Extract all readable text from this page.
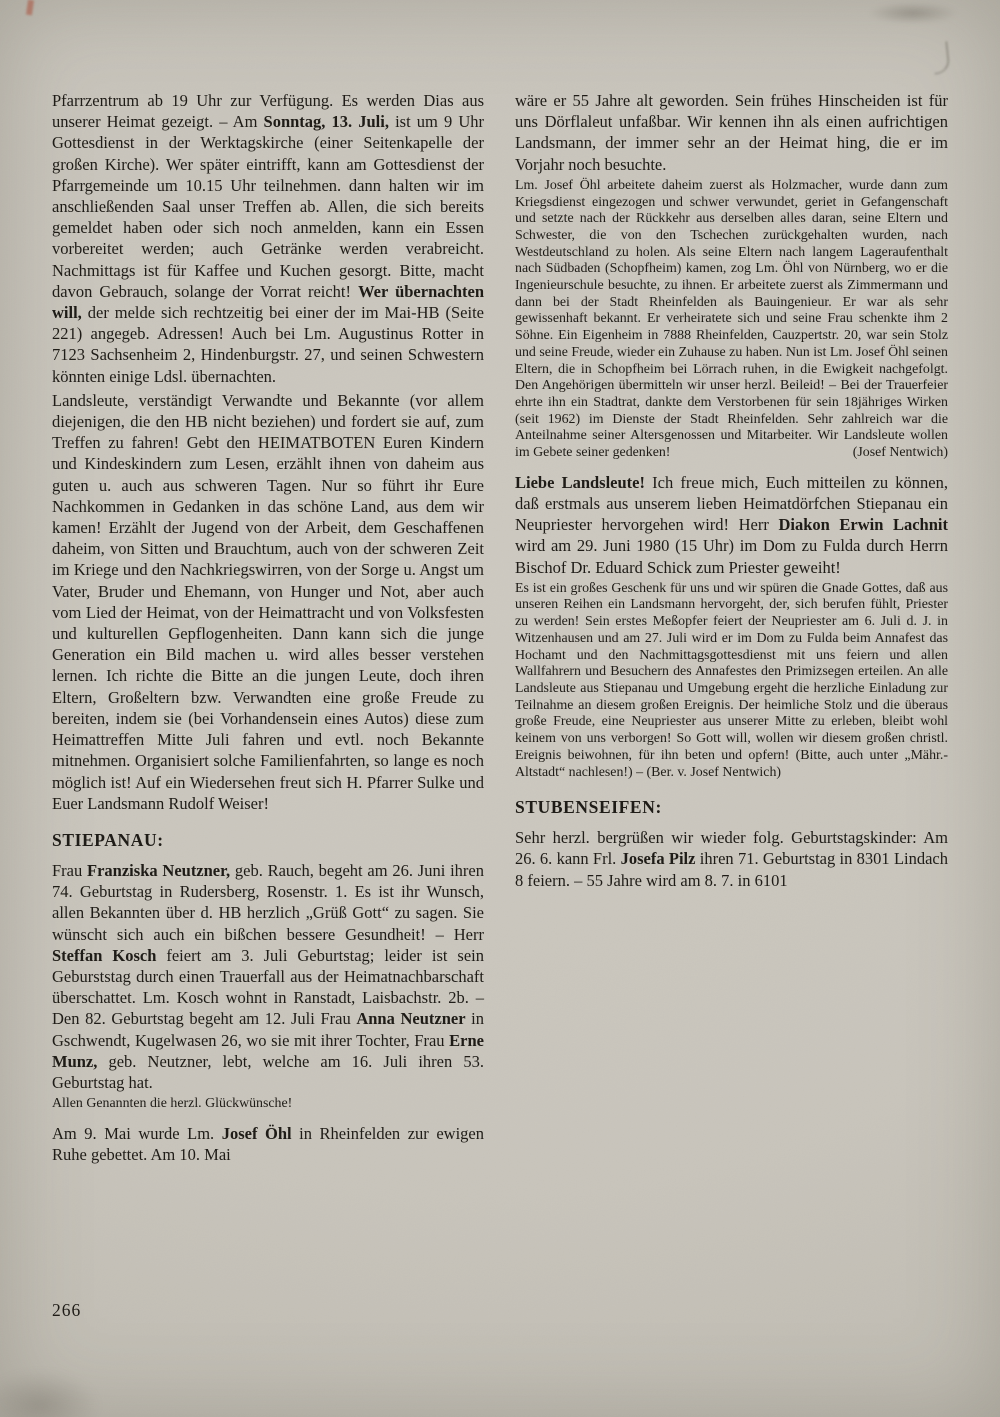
Pfarrzentrum ab 19 Uhr zur Verfügung. Es werden Dias aus unserer Heimat gezeigt. – Am Sonntag, 13. Juli, ist um 9 Uhr Gottesdienst in der Werktagskirche (einer Seitenkapelle der großen Kirche). Wer später eintrifft, kann am Gottesdienst der Pfarrgemeinde um 10.15 Uhr teilnehmen. dann halten wir im anschließenden Saal unser Treffen ab. Allen, die sich bereits gemeldet haben oder sich noch anmelden, kann ein Essen vorbereitet werden; auch Getränke werden verabreicht. Nachmittags ist für Kaffee und Kuchen gesorgt. Bitte, macht davon Gebrauch, solange der Vorrat reicht! Wer übernachten will, der melde sich rechtzeitig bei einer der im Mai-HB (Seite 221) angegeb. Adressen! Auch bei Lm. Augustinus Rotter in 7123 Sachsenheim 2, Hindenburgstr. 27, und seinen Schwestern könnten einige Ldsl. übernachten.

Landsleute, verständigt Verwandte und Bekannte (vor allem diejenigen, die den HB nicht beziehen) und fordert sie auf, zum Treffen zu fahren! Gebt den HEIMATBOTEN Euren Kindern und Kindeskindern zum Lesen, erzählt ihnen von daheim aus guten u. auch aus schweren Tagen. Nur so führt ihr Eure Nachkommen in Gedanken in das schöne Land, aus dem wir kamen! Erzählt der Jugend von der Arbeit, dem Geschaffenen daheim, von Sitten und Brauchtum, auch von der schweren Zeit im Kriege und den Nachkriegswirren, von der Sorge u. Angst um Vater, Bruder und Ehemann, von Hunger und Not, aber auch vom Lied der Heimat, von der Heimattracht und von Volksfesten und kulturellen Gepflogenheiten. Dann kann sich die junge Generation ein Bild machen u. wird alles besser verstehen lernen. Ich richte die Bitte an die jungen Leute, doch ihren Eltern, Großeltern bzw. Verwandten eine große Freude zu bereiten, indem sie (bei Vorhandensein eines Autos) diese zum Heimattreffen Mitte Juli fahren und evtl. noch Bekannte mitnehmen. Organisiert solche Familienfahrten, so lange es noch möglich ist! Auf ein Wiedersehen freut sich H. Pfarrer Sulke und Euer Landsmann Rudolf Weiser!

STIEPANAU:

Frau Franziska Neutzner, geb. Rauch, begeht am 26. Juni ihren 74. Geburtstag in Rudersberg, Rosenstr. 1. Es ist ihr Wunsch, allen Bekannten über d. HB herzlich „Grüß Gott“ zu sagen. Sie wünscht sich auch ein bißchen bessere Gesundheit! – Herr Steffan Kosch feiert am 3. Juli Geburtstag; leider ist sein Geburststag durch einen Trauerfall aus der Heimatnachbarschaft überschattet. Lm. Kosch wohnt in Ranstadt, Laisbachstr. 2b. – Den 82. Geburtstag begeht am 12. Juli Frau Anna Neutzner in Gschwendt, Kugelwasen 26, wo sie mit ihrer Tochter, Frau Erne Munz, geb. Neutzner, lebt, welche am 16. Juli ihren 53. Geburtstag hat.

Allen Genannten die herzl. Glückwünsche!

Am 9. Mai wurde Lm. Josef Öhl in Rheinfelden zur ewigen Ruhe gebettet. Am 10. Mai

wäre er 55 Jahre alt geworden. Sein frühes Hinscheiden ist für uns Dörflaleut unfaßbar. Wir kennen ihn als einen aufrichtigen Landsmann, der immer sehr an der Heimat hing, die er im Vorjahr noch besuchte.

Lm. Josef Öhl arbeitete daheim zuerst als Holzmacher, wurde dann zum Kriegsdienst eingezogen und schwer verwundet, geriet in Gefangenschaft und setzte nach der Rückkehr aus derselben alles daran, seine Eltern und Schwester, die von den Tschechen zurückgehalten wurden, nach Westdeutschland zu holen. Als seine Eltern nach langem Lageraufenthalt nach Südbaden (Schopfheim) kamen, zog Lm. Öhl von Nürnberg, wo er die Ingenieurschule besuchte, zu ihnen. Er arbeitete zuerst als Zimmermann und dann bei der Stadt Rheinfelden als Bauingenieur. Er war als sehr gewissenhaft bekannt. Er verheiratete sich und seine Frau schenkte ihm 2 Söhne. Ein Eigenheim in 7888 Rheinfelden, Cauzpertstr. 20, war sein Stolz und seine Freude, wieder ein Zuhause zu haben. Nun ist Lm. Josef Öhl seinen Eltern, die in Schopfheim bei Lörrach ruhen, in die Ewigkeit nachgefolgt. Den Angehörigen übermitteln wir unser herzl. Beileid! – Bei der Trauerfeier ehrte ihn ein Stadtrat, dankte dem Verstorbenen für sein 18jähriges Wirken (seit 1962) im Dienste der Stadt Rheinfelden. Sehr zahlreich war die Anteilnahme seiner Altersgenossen und Mitarbeiter. Wir Landsleute wollen im Gebete seiner gedenken!	(Josef Nentwich)

Liebe Landsleute! Ich freue mich, Euch mitteilen zu können, daß erstmals aus unserem lieben Heimatdörfchen Stiepanau ein Neupriester hervorgehen wird! Herr Diakon Erwin Lachnit wird am 29. Juni 1980 (15 Uhr) im Dom zu Fulda durch Herrn Bischof Dr. Eduard Schick zum Priester geweiht!

Es ist ein großes Geschenk für uns und wir spüren die Gnade Gottes, daß aus unseren Reihen ein Landsmann hervorgeht, der, sich berufen fühlt, Priester zu werden! Sein erstes Meßopfer feiert der Neupriester am 6. Juli d. J. in Witzenhausen und am 27. Juli wird er im Dom zu Fulda beim Annafest das Hochamt und den Nachmittagsgottesdienst mit uns feiern und allen Wallfahrern und Besuchern des Annafestes den Primizsegen erteilen. An alle Landsleute aus Stiepanau und Umgebung ergeht die herzliche Einladung zur Teilnahme an diesem großen Ereignis. Der heimliche Stolz und die überaus große Freude, eine Neupriester aus unserer Mitte zu erleben, bleibt wohl keinem von uns verborgen! So Gott will, wollen wir diesem großen christl. Ereignis beiwohnen, für ihn beten und opfern! (Bitte, auch unter „Mähr.-Altstadt“ nachlesen!) – (Ber. v. Josef Nentwich)

STUBENSEIFEN:

Sehr herzl. bergrüßen wir wieder folg. Geburtstagskinder: Am 26. 6. kann Frl. Josefa Pilz ihren 71. Geburtstag in 8301 Lindach 8 feiern. – 55 Jahre wird am 8. 7. in 6101

266
